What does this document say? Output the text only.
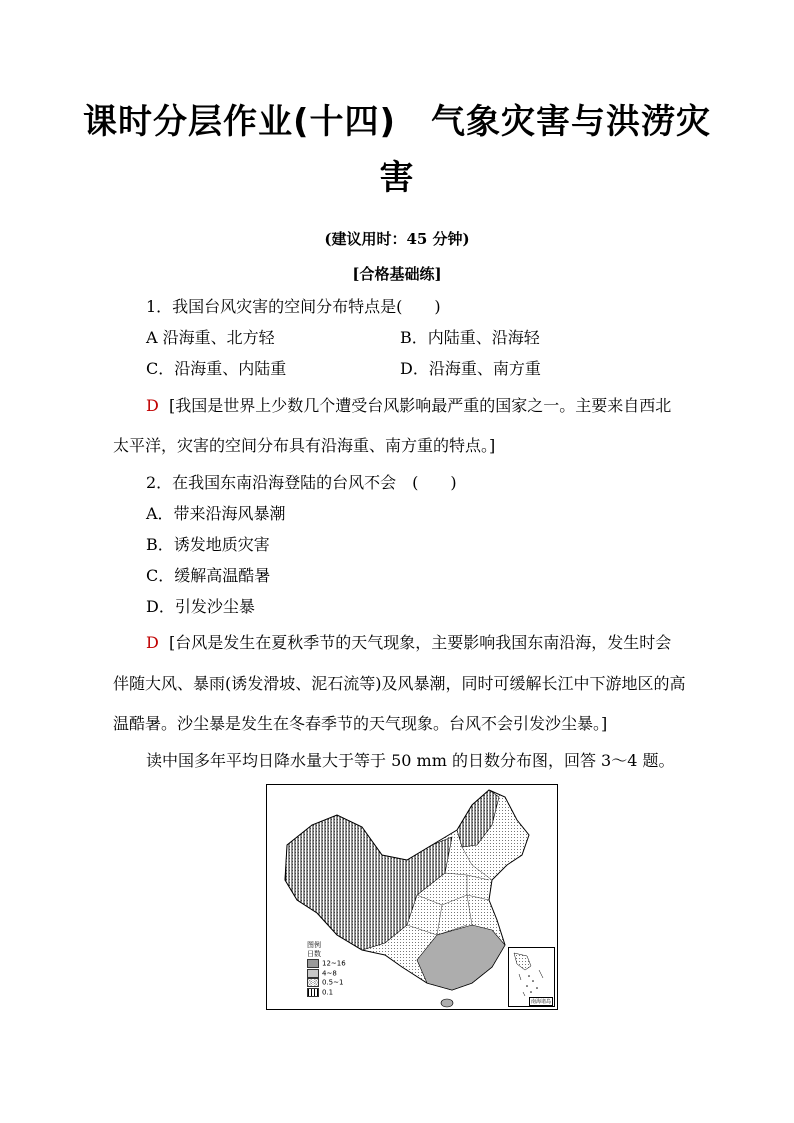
课时分层作业(十四)　气象灾害与洪涝灾
害
(建议用时：45 分钟)
[合格基础练]
1．我国台风灾害的空间分布特点是(　　)
A 沿海重、北方轻	B．内陆重、沿海轻
C．沿海重、内陆重	D．沿海重、南方重
D [我国是世界上少数几个遭受台风影响最严重的国家之一。主要来自西北
太平洋，灾害的空间分布具有沿海重、南方重的特点。]
2．在我国东南沿海登陆的台风不会　(　　)
A．带来沿海风暴潮
B．诱发地质灾害
C．缓解高温酷暑
D．引发沙尘暴
D [台风是发生在夏秋季节的天气现象，主要影响我国东南沿海，发生时会
伴随大风、暴雨(诱发滑坡、泥石流等)及风暴潮，同时可缓解长江中下游地区的高
温酷暑。沙尘暴是发生在冬春季节的天气现象。台风不会引发沙尘暴。]
读中国多年平均日降水量大于等于 50 mm 的日数分布图，回答 3～4 题。
图例
日数
12~16
4~8
0.5~1
0.1
南海诸岛
